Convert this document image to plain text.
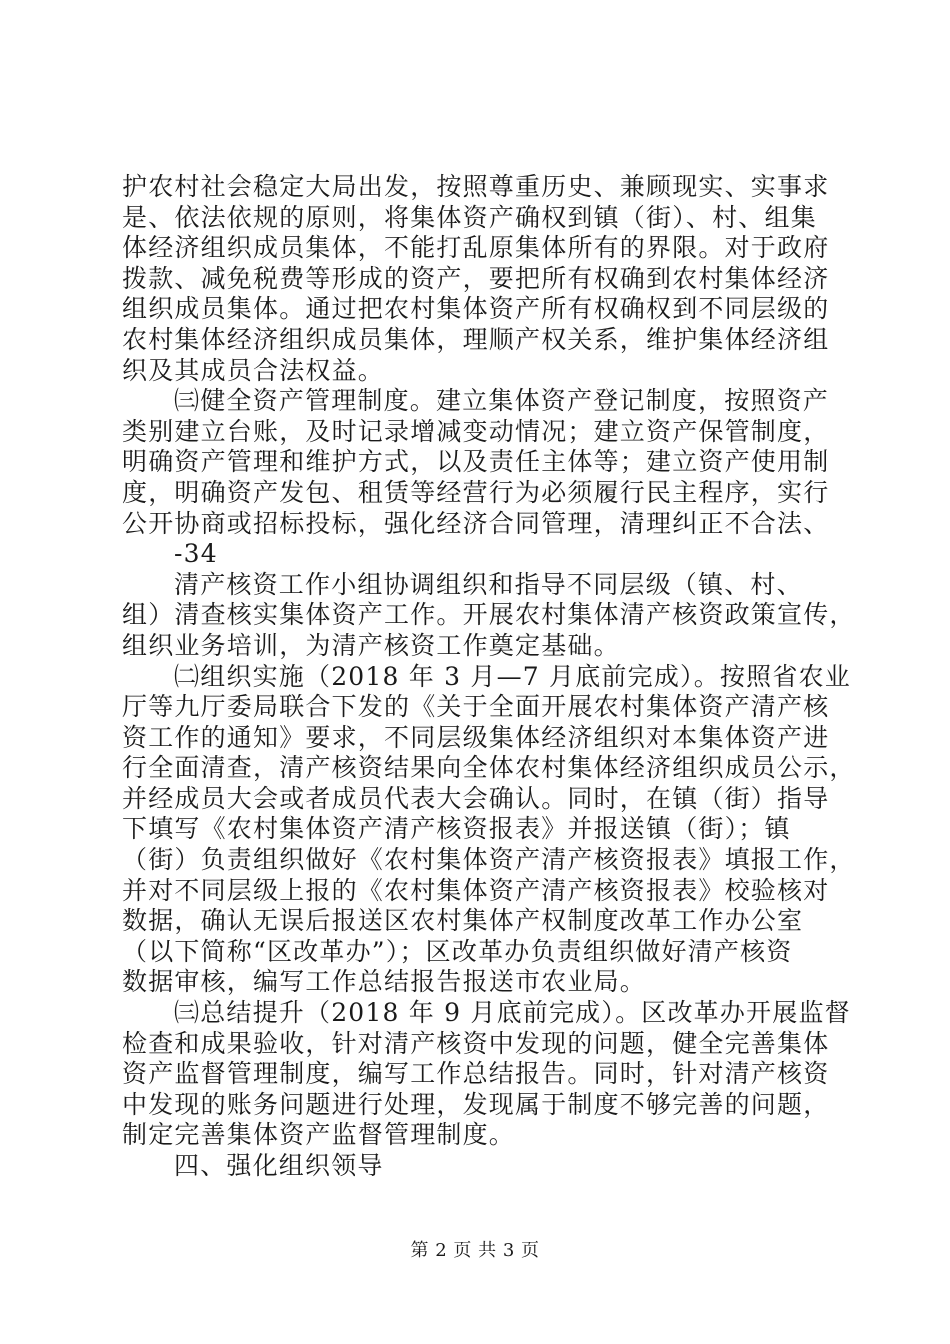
护农村社会稳定大局出发，按照尊重历史、兼顾现实、实事求
是、依法依规的原则，将集体资产确权到镇（街）、村、组集
体经济组织成员集体，不能打乱原集体所有的界限。对于政府
拨款、减免税费等形成的资产，要把所有权确到农村集体经济
组织成员集体。通过把农村集体资产所有权确权到不同层级的
农村集体经济组织成员集体，理顺产权关系，维护集体经济组
织及其成员合法权益。
㈢健全资产管理制度。建立集体资产登记制度，按照资产
类别建立台账，及时记录增减变动情况；建立资产保管制度，
明确资产管理和维护方式，以及责任主体等；建立资产使用制
度，明确资产发包、租赁等经营行为必须履行民主程序，实行
公开协商或招标投标，强化经济合同管理，清理纠正不合法、
-34
清产核资工作小组协调组织和指导不同层级（镇、村、
组）清查核实集体资产工作。开展农村集体清产核资政策宣传，
组织业务培训，为清产核资工作奠定基础。
㈡组织实施（2018 年 3 月—7 月底前完成）。按照省农业
厅等九厅委局联合下发的《关于全面开展农村集体资产清产核
资工作的通知》要求，不同层级集体经济组织对本集体资产进
行全面清查，清产核资结果向全体农村集体经济组织成员公示，
并经成员大会或者成员代表大会确认。同时，在镇（街）指导
下填写《农村集体资产清产核资报表》并报送镇（街）；镇
（街）负责组织做好《农村集体资产清产核资报表》填报工作，
并对不同层级上报的《农村集体资产清产核资报表》校验核对
数据，确认无误后报送区农村集体产权制度改革工作办公室
（以下简称“区改革办”）；区改革办负责组织做好清产核资
数据审核，编写工作总结报告报送市农业局。
㈢总结提升（2018 年 9 月底前完成）。区改革办开展监督
检查和成果验收，针对清产核资中发现的问题，健全完善集体
资产监督管理制度，编写工作总结报告。同时，针对清产核资
中发现的账务问题进行处理，发现属于制度不够完善的问题，
制定完善集体资产监督管理制度。
四、强化组织领导
第 2 页 共 3 页
